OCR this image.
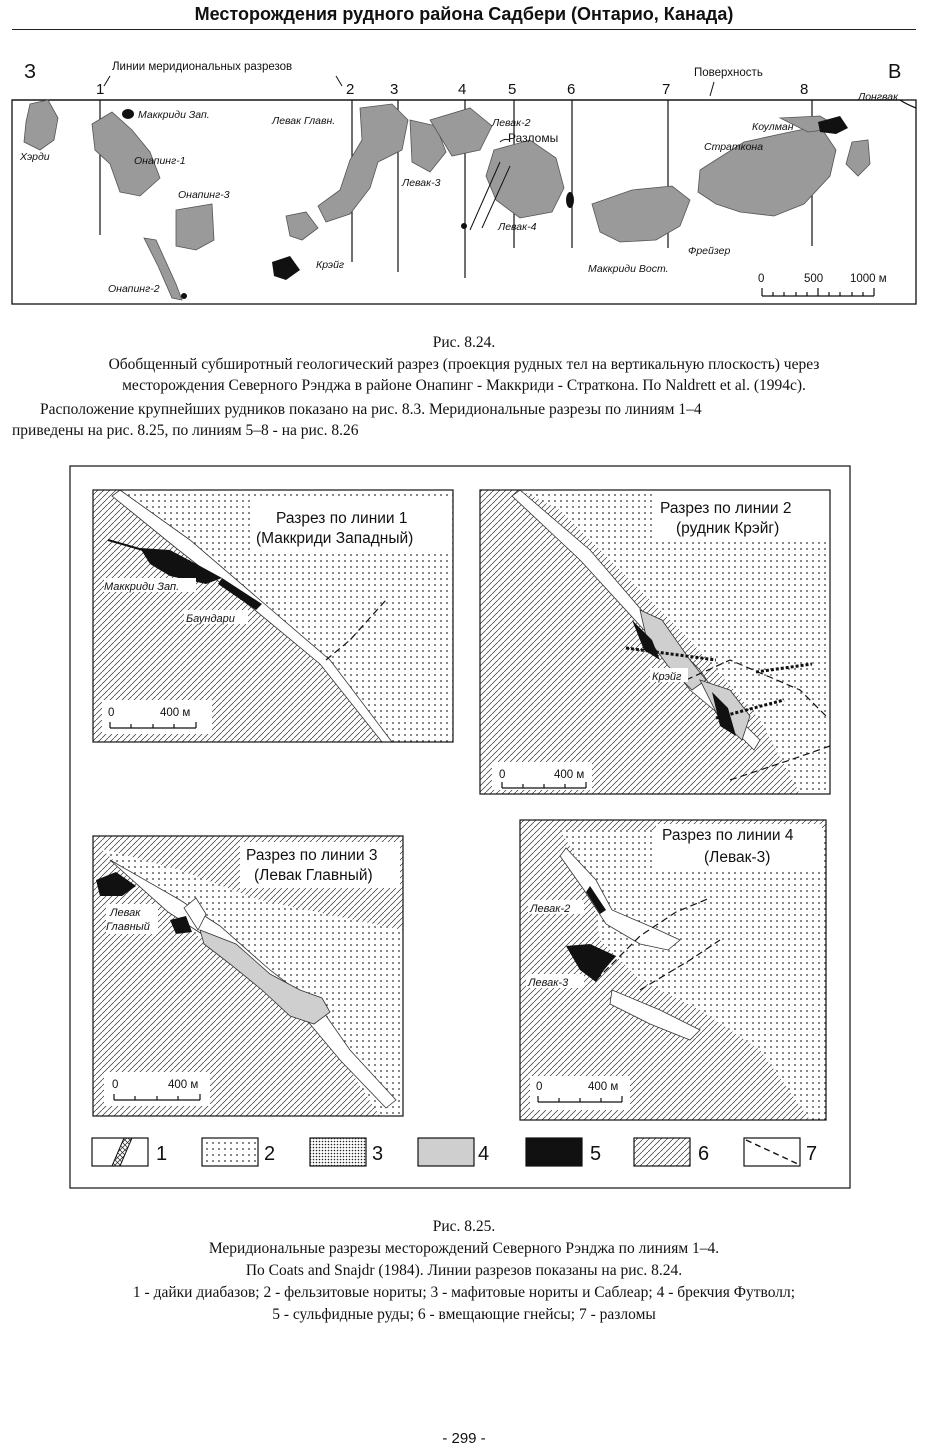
Месторождения рудного района Садбери (Онтарио, Канада)
З	В
Линии меридиональных разрезов	Поверхность
1	2 3	4	5	6	7	8
Хэрди
Маккриди Зап.
Онапинг-1
Онапинг-3
Онапинг-2
Левак Главн.
Крэйг
Левак-2
Левак-3
Левак-4
Маккриди Вост.
Фрейзер
Коулман
Страткона
Лонгвак
Разломы
0	500 1000 м
Рис. 8.24.
Обобщенный субширотный геологический разрез (проекция рудных тел на вертикальную плоскость) через
месторождения Северного Рэнджа в районе Онапинг - Маккриди - Страткона. По Naldrett et al. (1994c).
Расположение крупнейших рудников показано на рис. 8.3. Меридиональные разрезы по линиям 1–4
приведены на рис. 8.25, по линиям 5–8 - на рис. 8.26
Разрез по линии 1
(Маккриди Западный)
Маккриди Зап.
Баундари
0	400 м
Разрез по линии 2
(рудник Крэйг)
Крэйг
0	400 м
Разрез по линии 3
(Левак Главный)
Левак
Главный
0	400 м
Разрез по линии 4
(Левак-3)
Левак-2
Левак-3
0	400 м
1	2	3	4	5	6	7
Рис. 8.25.
Меридиональные разрезы месторождений Северного Рэнджа по линиям 1–4.
По Coats and Snajdr (1984). Линии разрезов показаны на рис. 8.24.
1 - дайки диабазов; 2 - фельзитовые нориты; 3 - мафитовые нориты и Саблеар; 4 - брекчия Футволл;
5 - сульфидные руды; 6 - вмещающие гнейсы; 7 - разломы
- 299 -
